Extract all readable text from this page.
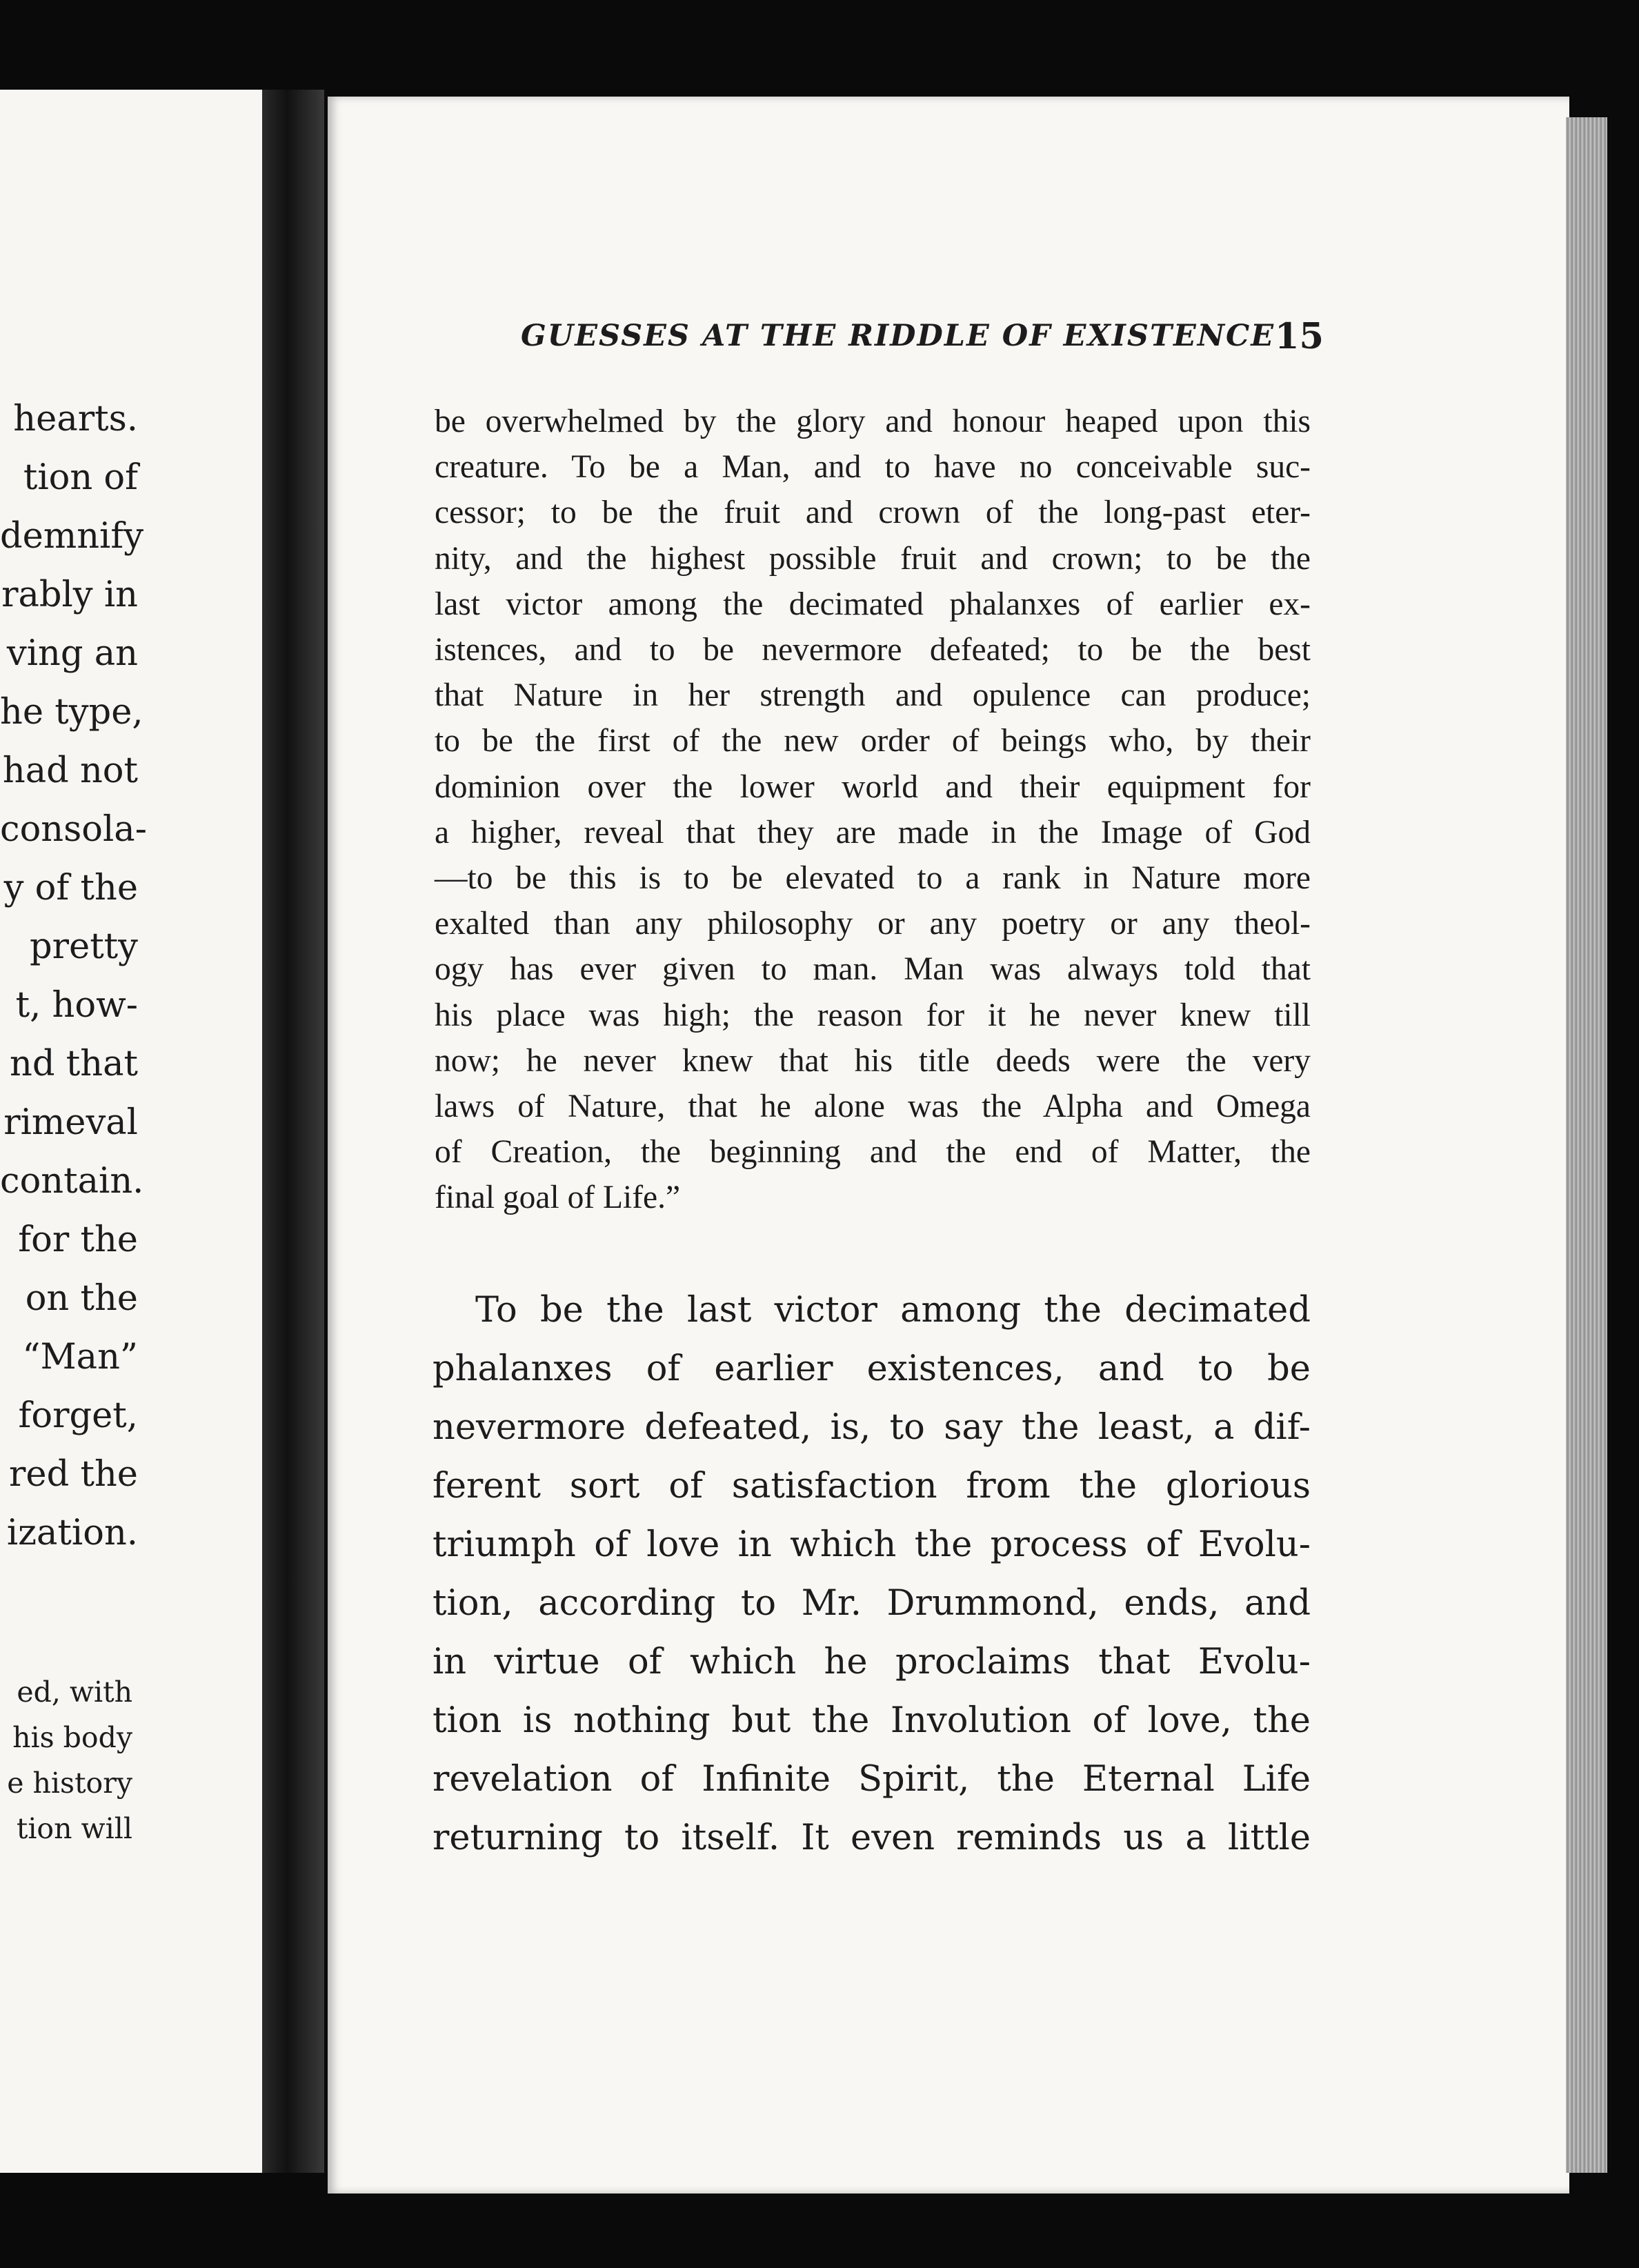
hearts.
tion of
demnify
rably in
ving an
he type,
had not
consola-
y of the
pretty
t, how-
nd that
rimeval
contain.
for the
on the
“Man”
forget,
red the
ization.
ed, with
his body
e history
tion will
GUESSES AT THE RIDDLE OF EXISTENCE 15
be overwhelmed by the glory and honour heaped upon this
creature. To be a Man, and to have no conceivable suc-
cessor; to be the fruit and crown of the long-past eter-
nity, and the highest possible fruit and crown; to be the
last victor among the decimated phalanxes of earlier ex-
istences, and to be nevermore defeated; to be the best
that Nature in her strength and opulence can produce;
to be the first of the new order of beings who, by their
dominion over the lower world and their equipment for
a higher, reveal that they are made in the Image of God
—to be this is to be elevated to a rank in Nature more
exalted than any philosophy or any poetry or any theol-
ogy has ever given to man. Man was always told that
his place was high; the reason for it he never knew till
now; he never knew that his title deeds were the very
laws of Nature, that he alone was the Alpha and Omega
of Creation, the beginning and the end of Matter, the
final goal of Life.”
To be the last victor among the decimated
phalanxes of earlier existences, and to be
nevermore defeated, is, to say the least, a dif-
ferent sort of satisfaction from the glorious
triumph of love in which the process of Evolu-
tion, according to Mr. Drummond, ends, and
in virtue of which he proclaims that Evolu-
tion is nothing but the Involution of love, the
revelation of Infinite Spirit, the Eternal Life
returning to itself. It even reminds us a little
